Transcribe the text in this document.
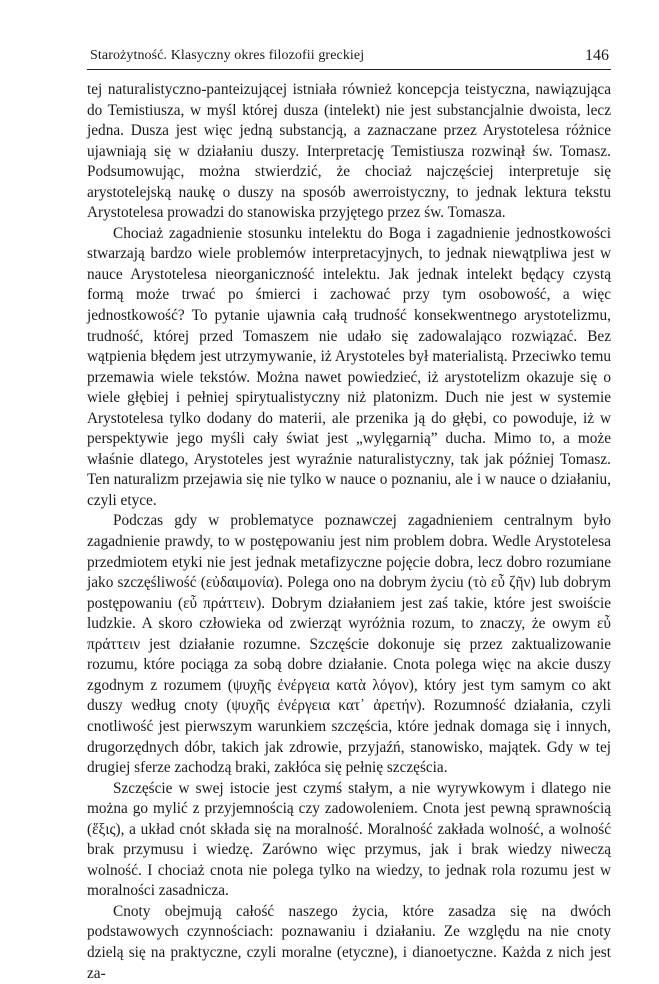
Starożytność. Klasyczny okres filozofii greckiej	146

tej naturalistyczno-panteizującej istniała również koncepcja teistyczna, nawiązująca do Temistiusza, w myśl której dusza (intelekt) nie jest substancjalnie dwoista, lecz jedna. Dusza jest więc jedną substancją, a zaznaczane przez Arystotelesa różnice ujawniają się w działaniu duszy. Interpretację Temistiusza rozwinął św. Tomasz. Podsumowując, można stwierdzić, że chociaż najczęściej interpretuje się arystotelejską naukę o duszy na sposób awerroistyczny, to jednak lektura tekstu Arystotelesa prowadzi do stanowiska przyjętego przez św. Tomasza.

Chociaż zagadnienie stosunku intelektu do Boga i zagadnienie jednostkowości stwarzają bardzo wiele problemów interpretacyjnych, to jednak niewątpliwa jest w nauce Arystotelesa nieorganiczność intelektu. Jak jednak intelekt będący czystą formą może trwać po śmierci i zachować przy tym osobowość, a więc jednostkowość? To pytanie ujawnia całą trudność konsekwentnego arystotelizmu, trudność, której przed Tomaszem nie udało się zadowalająco rozwiązać. Bez wątpienia błędem jest utrzymywanie, iż Arystoteles był materialistą. Przeciwko temu przemawia wiele tekstów. Można nawet powiedzieć, iż arystotelizm okazuje się o wiele głębiej i pełniej spirytualistyczny niż platonizm. Duch nie jest w systemie Arystotelesa tylko dodany do materii, ale przenika ją do głębi, co powoduje, iż w perspektywie jego myśli cały świat jest „wylęgarnią” ducha. Mimo to, a może właśnie dlatego, Arystoteles jest wyraźnie naturalistyczny, tak jak później Tomasz. Ten naturalizm przejawia się nie tylko w nauce o poznaniu, ale i w nauce o działaniu, czyli etyce.

Podczas gdy w problematyce poznawczej zagadnieniem centralnym było zagadnienie prawdy, to w postępowaniu jest nim problem dobra. Wedle Arystotelesa przedmiotem etyki nie jest jednak metafizyczne pojęcie dobra, lecz dobro rozumiane jako szczęśliwość (εὐδαιμονία). Polega ono na dobrym życiu (τὸ εὖ ζῆν) lub dobrym postępowaniu (εὖ πράττειν). Dobrym działaniem jest zaś takie, które jest swoiście ludzkie. A skoro człowieka od zwierząt wyróżnia rozum, to znaczy, że owym εὖ πράττειν jest działanie rozumne. Szczęście dokonuje się przez zaktualizowanie rozumu, które pociąga za sobą dobre działanie. Cnota polega więc na akcie duszy zgodnym z rozumem (ψυχῆς ἐνέργεια κατὰ λόγον), który jest tym samym co akt duszy według cnoty (ψυχῆς ἐνέργεια κατ᾽ ἀρετήν). Rozumność działania, czyli cnotliwość jest pierwszym warunkiem szczęścia, które jednak domaga się i innych, drugorzędnych dóbr, takich jak zdrowie, przyjaźń, stanowisko, majątek. Gdy w tej drugiej sferze zachodzą braki, zakłóca się pełnię szczęścia.

Szczęście w swej istocie jest czymś stałym, a nie wyrywkowym i dlatego nie można go mylić z przyjemnością czy zadowoleniem. Cnota jest pewną sprawnością (ἕξις), a układ cnót składa się na moralność. Moralność zakłada wolność, a wolność brak przymusu i wiedzę. Zarówno więc przymus, jak i brak wiedzy niweczą wolność. I chociaż cnota nie polega tylko na wiedzy, to jednak rola rozumu jest w moralności zasadnicza.

Cnoty obejmują całość naszego życia, które zasadza się na dwóch podstawowych czynnościach: poznawaniu i działaniu. Ze względu na nie cnoty dzielą się na praktyczne, czyli moralne (etyczne), i dianoetyczne. Każda z nich jest za-
